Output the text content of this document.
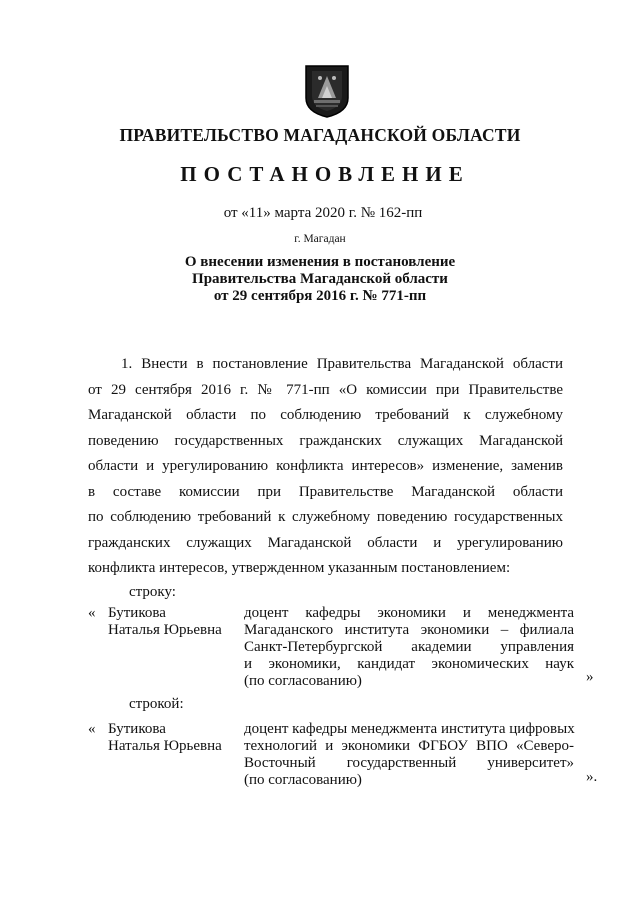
ПРАВИТЕЛЬСТВО МАГАДАНСКОЙ ОБЛАСТИ
ПОСТАНОВЛЕНИЕ
от «11» марта 2020 г. № 162-пп
г. Магадан
О внесении изменения в постановление
Правительства Магаданской области
от 29 сентября 2016 г. № 771-пп
1. Внести в постановление Правительства Магаданской области
от 29 сентября 2016 г. № 771-пп «О комиссии при Правительстве
Магаданской области по соблюдению требований к служебному
поведению государственных гражданских служащих Магаданской
области и урегулированию конфликта интересов» изменение, заменив
в составе комиссии при Правительстве Магаданской области
по соблюдению требований к служебному поведению государственных
гражданских служащих Магаданской области и урегулированию
конфликта интересов, утвержденном указанным постановлением:
строку:
« Бутикова
Наталья Юрьевна
доцент кафедры экономики и менеджмента
Магаданского института экономики – филиала
Санкт-Петербургской академии управления
и экономики, кандидат экономических наук
(по согласованию)	»
строкой:
« Бутикова
Наталья Юрьевна
доцент кафедры менеджмента института цифровых
технологий и экономики ФГБОУ ВПО «Северо-
Восточный государственный университет»
(по согласованию)	».
